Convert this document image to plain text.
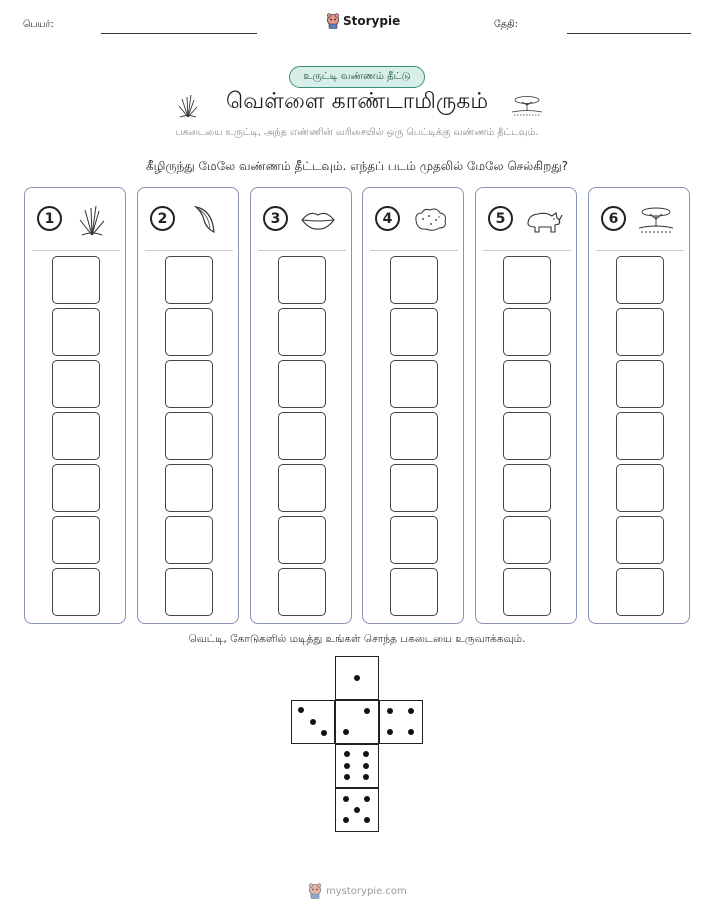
பெயர்:	Storypie	தேதி:
உருட்டி வண்ணம் தீட்டு
வெள்ளை காண்டாமிருகம்
பகடையை உருட்டி, அந்த எண்ணின் வரிசையில் ஒரு பெட்டிக்கு வண்ணம் தீட்டவும்.
கீழிருந்து மேலே வண்ணம் தீட்டவும். எந்தப் படம் முதலில் மேலே செல்கிறது?
1	2	3	4	5	6
வெட்டி, கோடுகளில் மடித்து உங்கள் சொந்த பகடையை உருவாக்கவும்.
mystorypie.com
